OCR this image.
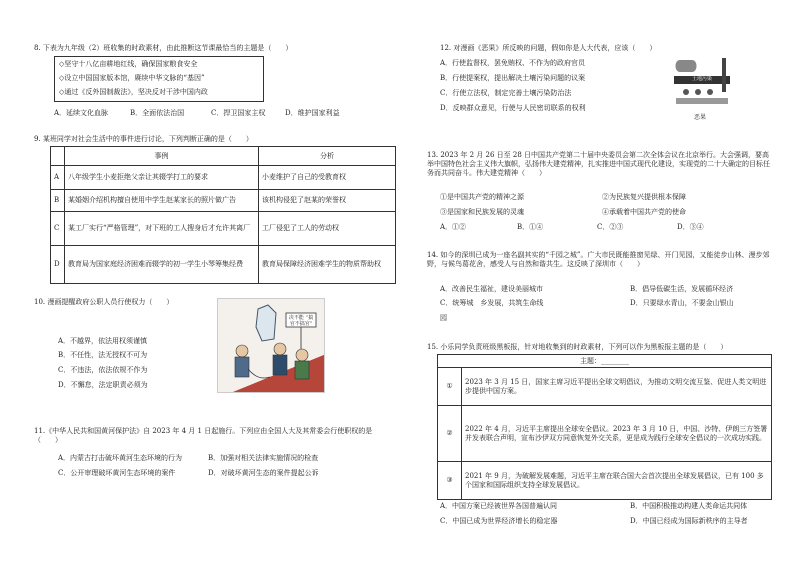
8. 下表为九年级（2）班收集的时政素材，由此推断这节课最恰当的主题是（　　）
◇坚守十八亿亩耕地红线，确保国家粮食安全
◇设立中国国家版本馆，赓续中华文脉的“基因”
◇通过《反外国制裁法》，坚决反对干涉中国内政
A．延续文化血脉	B．全面依法治国	C．捍卫国家主权	D．维护国家利益
9. 某班同学对社会生活中的事件进行讨论，下列判断正确的是（　　）
	事例	分析
A	八年级学生小麦拒绝父亲让其辍学打工的要求	小麦维护了自己的受教育权
B	某婚姻介绍机构擅自使用中学生赵某家长的照片做广告	该机构侵犯了赵某的荣誉权
C	某工厂实行“严格管理”，对下班的工人搜身后才允许其离厂	工厂侵犯了工人的劳动权
D	教育局为国家庭经济困难而辍学的初一学生小琴筹集经费	教育局保障经济困难学生的物质帮助权
10. 漫画提醒政府公职人员行使权力（　　）
A．不越界，依法用权须谨慎
B．不任性，法无授权不可为
C．不违法，依法依规不作为
D．不懈怠，法定职责必须为
决不能 “搞官不搞官”
11.《中华人民共和国黄河保护法》自 2023 年 4 月 1 日起施行。下列应由全国人大及其常委会行使职权的是（　　）
A．内蒙古打击破坏黄河生态环境的行为	B．加强对相关法律实施情况的检查
C．公开审理破坏黄河生态环境的案件	D．对破坏黄河生态的案件提起公诉
12. 对漫画《恶果》所反映的问题，假如你是人大代表，应该（　　）
A．行使监督权，罢免贿权、不作为的政府官员
B．行使提案权，提出解决土壤污染问题的议案
C．行使立法权，制定完善土壤污染防治法
D．反映群众意见，行使与人民密切联系的权利
土地污染
恶果
13. 2023 年 2 月 26 日至 28 日中国共产党第二十届中央委员会第二次全体会议在北京举行。大会强调，要高举中国特色社会主义伟大旗帜，弘扬伟大建党精神，扎实推进中国式现代化建设，实现党的二十大确定的目标任务而共同奋斗。伟大建党精神（　　）
①是中国共产党的精神之源	②为民族复兴提供根本保障
③是国家和民族发展的灵魂	④承载着中国共产党的使命
A．①②	B．①④	C．②③	D．③④
14. 如今的深圳已成为一座名副其实的“千园之城”。广大市民既能推窗见绿、开门见园，又能徒步山林、漫步郊野，与候鸟葛花舍，感受人与自然和谐共生。这反映了深圳市（　　）
A．改善民生福祉，建设美丽城市	B．倡导低碳生活，发展循环经济
C．统筹城　乡发展，共筑生命线	D．只要绿水青山，不要金山银山
园
15. 小乐同学负责班级黑板报，针对地收集到的时政素材，下列可以作为黑板报主题的是（　　）
主题：________	
①	2023 年 3 月 15 日，国家主席习近平提出全球文明倡议，为推动文明交流互鉴、促进人类文明进步提供中国方案。
②	2022 年 4 月，习近平主席提出全球安全倡议。2023 年 3 月 10 日，中国、沙特、伊朗三方签署并发表联合声明，宣布沙伊双方同意恢复外交关系，更是成为践行全球安全倡议的一次成功实践。
③	2021 年 9 月，为破解发展难题，习近平主席在联合国大会首次提出全球发展倡议，已有 100 多个国家和国际组织支持全球发展倡议。
A．中国方案已经被世界各国普遍认同	B．中国积极推动构建人类命运共同体
C．中国已成为世界经济增长的稳定器	D．中国已经成为国际新秩序的主导者
